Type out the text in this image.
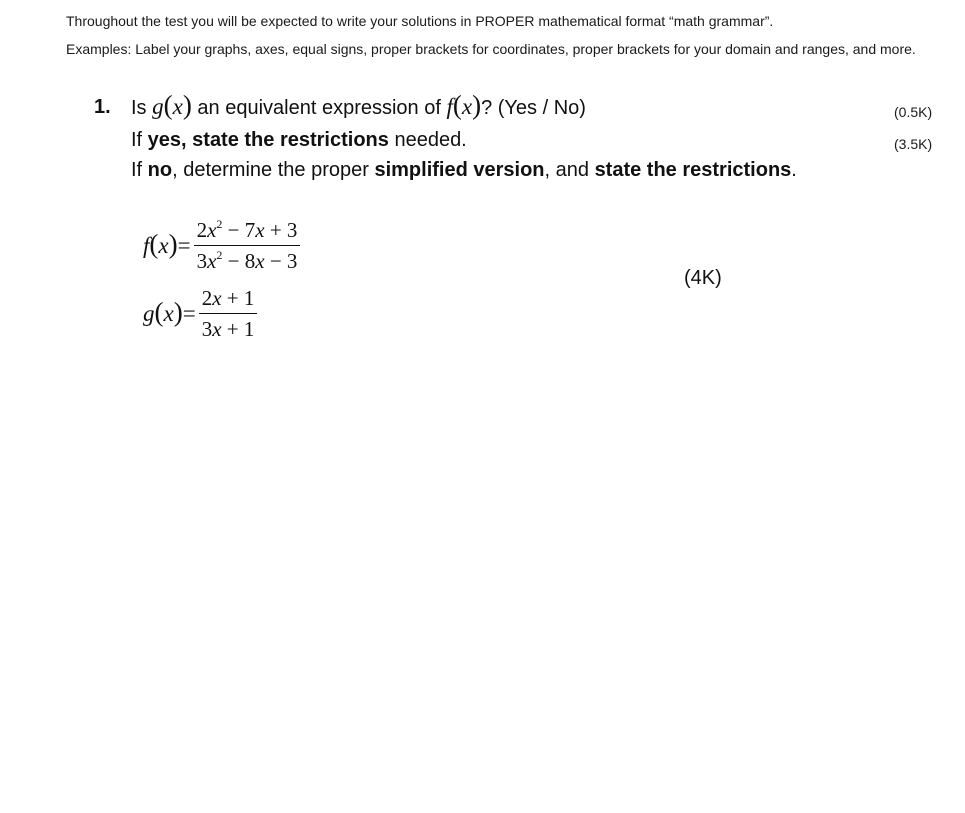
Throughout the test you will be expected to write your solutions in PROPER mathematical format “math grammar”.
Examples: Label your graphs, axes, equal signs, proper brackets for coordinates, proper brackets for your domain and ranges, and more.
1. Is g(x) an equivalent expression of f(x)? (Yes / No)
If yes, state the restrictions needed.
If no, determine the proper simplified version, and state the restrictions.
(0.5K)
(3.5K)
(4K)
$f(x)= \frac{2x^2 - 7x + 3}{3x^2 - 8x - 3}$
$g(x)= \frac{2x + 1}{3x + 1}$
